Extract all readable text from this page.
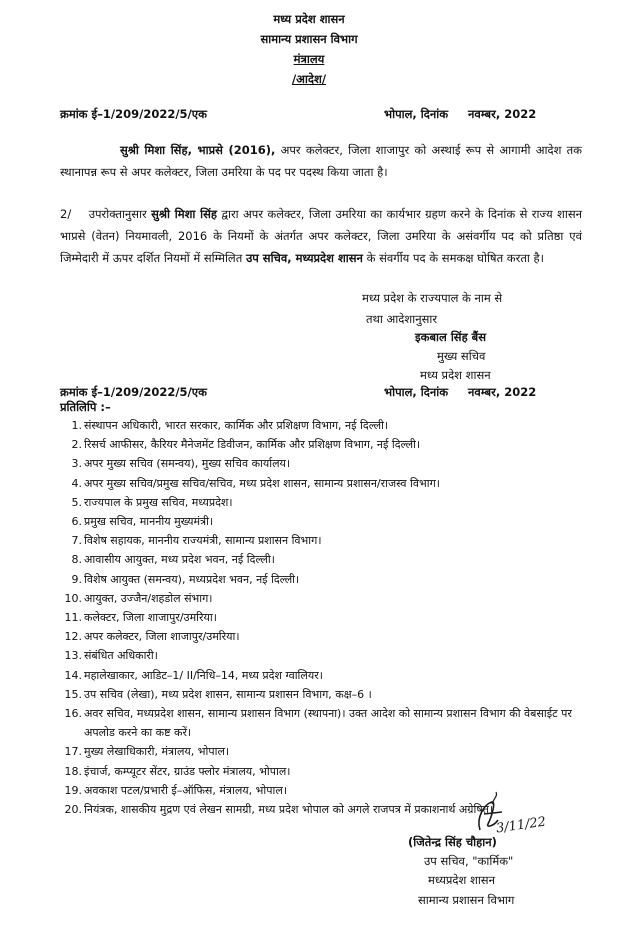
मध्य प्रदेश शासन
सामान्य प्रशासन विभाग
मंत्रालय
/आदेश/
क्रमांक ई–1/209/2022/5/एक	भोपाल, दिनांक     नवम्बर, 2022
सुश्री मिशा सिंह, भाप्रसे (2016), अपर कलेक्टर, जिला शाजापुर को अस्थाई रूप से आगामी आदेश तक स्थानापन्न रूप से अपर कलेक्टर, जिला उमरिया के पद पर पदस्थ किया जाता है।
2/ उपरोक्तानुसार सुश्री मिशा सिंह द्वारा अपर कलेक्टर, जिला उमरिया का कार्यभार ग्रहण करने के दिनांक से राज्य शासन भाप्रसे (वेतन) नियमावली, 2016 के नियमों के अंतर्गत अपर कलेक्टर, जिला उमरिया के असंवर्गीय पद को प्रतिष्ठा एवं जिम्मेदारी में ऊपर दर्शित नियमों में सम्मिलित उप सचिव, मध्यप्रदेश शासन के संवर्गीय पद के समकक्ष घोषित करता है।
मध्य प्रदेश के राज्यपाल के नाम से
तथा आदेशानुसार
इकबाल सिंह बैंस
मुख्य सचिव
मध्य प्रदेश शासन
क्रमांक ई–1/209/2022/5/एक	भोपाल, दिनांक     नवम्बर, 2022
प्रतिलिपि :–
1. संस्थापन अधिकारी, भारत सरकार, कार्मिक और प्रशिक्षण विभाग, नई दिल्ली।
2. रिसर्च आफीसर, कैरियर मैनेजमेंट डिवीजन, कार्मिक और प्रशिक्षण विभाग, नई दिल्ली।
3. अपर मुख्य सचिव (समन्वय), मुख्य सचिव कार्यालय।
4. अपर मुख्य सचिव/प्रमुख सचिव/सचिव, मध्य प्रदेश शासन, सामान्य प्रशासन/राजस्व विभाग।
5. राज्यपाल के प्रमुख सचिव, मध्यप्रदेश।
6. प्रमुख सचिव, माननीय मुख्यमंत्री।
7. विशेष सहायक, माननीय राज्यमंत्री, सामान्य प्रशासन विभाग।
8. आवासीय आयुक्त, मध्य प्रदेश भवन, नई दिल्ली।
9. विशेष आयुक्त (समन्वय), मध्यप्रदेश भवन, नई दिल्ली।
10. आयुक्त, उज्जैन/शहडोल संभाग।
11. कलेक्टर, जिला शाजापुर/उमरिया।
12. अपर कलेक्टर, जिला शाजापुर/उमरिया।
13. संबंधित अधिकारी।
14. महालेखाकार, आडिट–1/ II/निधि–14, मध्य प्रदेश ग्वालियर।
15. उप सचिव (लेखा), मध्य प्रदेश शासन, सामान्य प्रशासन विभाग, कक्ष–6 ।
16. अवर सचिव, मध्यप्रदेश शासन, सामान्य प्रशासन विभाग (स्थापना)। उक्त आदेश को सामान्य प्रशासन विभाग की वेबसाईट पर अपलोड करने का कष्ट करें।
17. मुख्य लेखाधिकारी, मंत्रालय, भोपाल।
18. इंचार्ज, कम्प्यूटर सेंटर, ग्राउंड फ्लोर मंत्रालय, भोपाल।
19. अवकाश पटल/प्रभारी ई–ऑफिस, मंत्रालय, भोपाल।
20. नियंत्रक, शासकीय मुद्रण एवं लेखन सामग्री, मध्य प्रदेश भोपाल को अगले राजपत्र में प्रकाशनार्थ अग्रेषित।
3/11/22
(जितेन्द्र सिंह चौहान)
उप सचिव, "कार्मिक"
मध्यप्रदेश शासन
सामान्य प्रशासन विभाग
